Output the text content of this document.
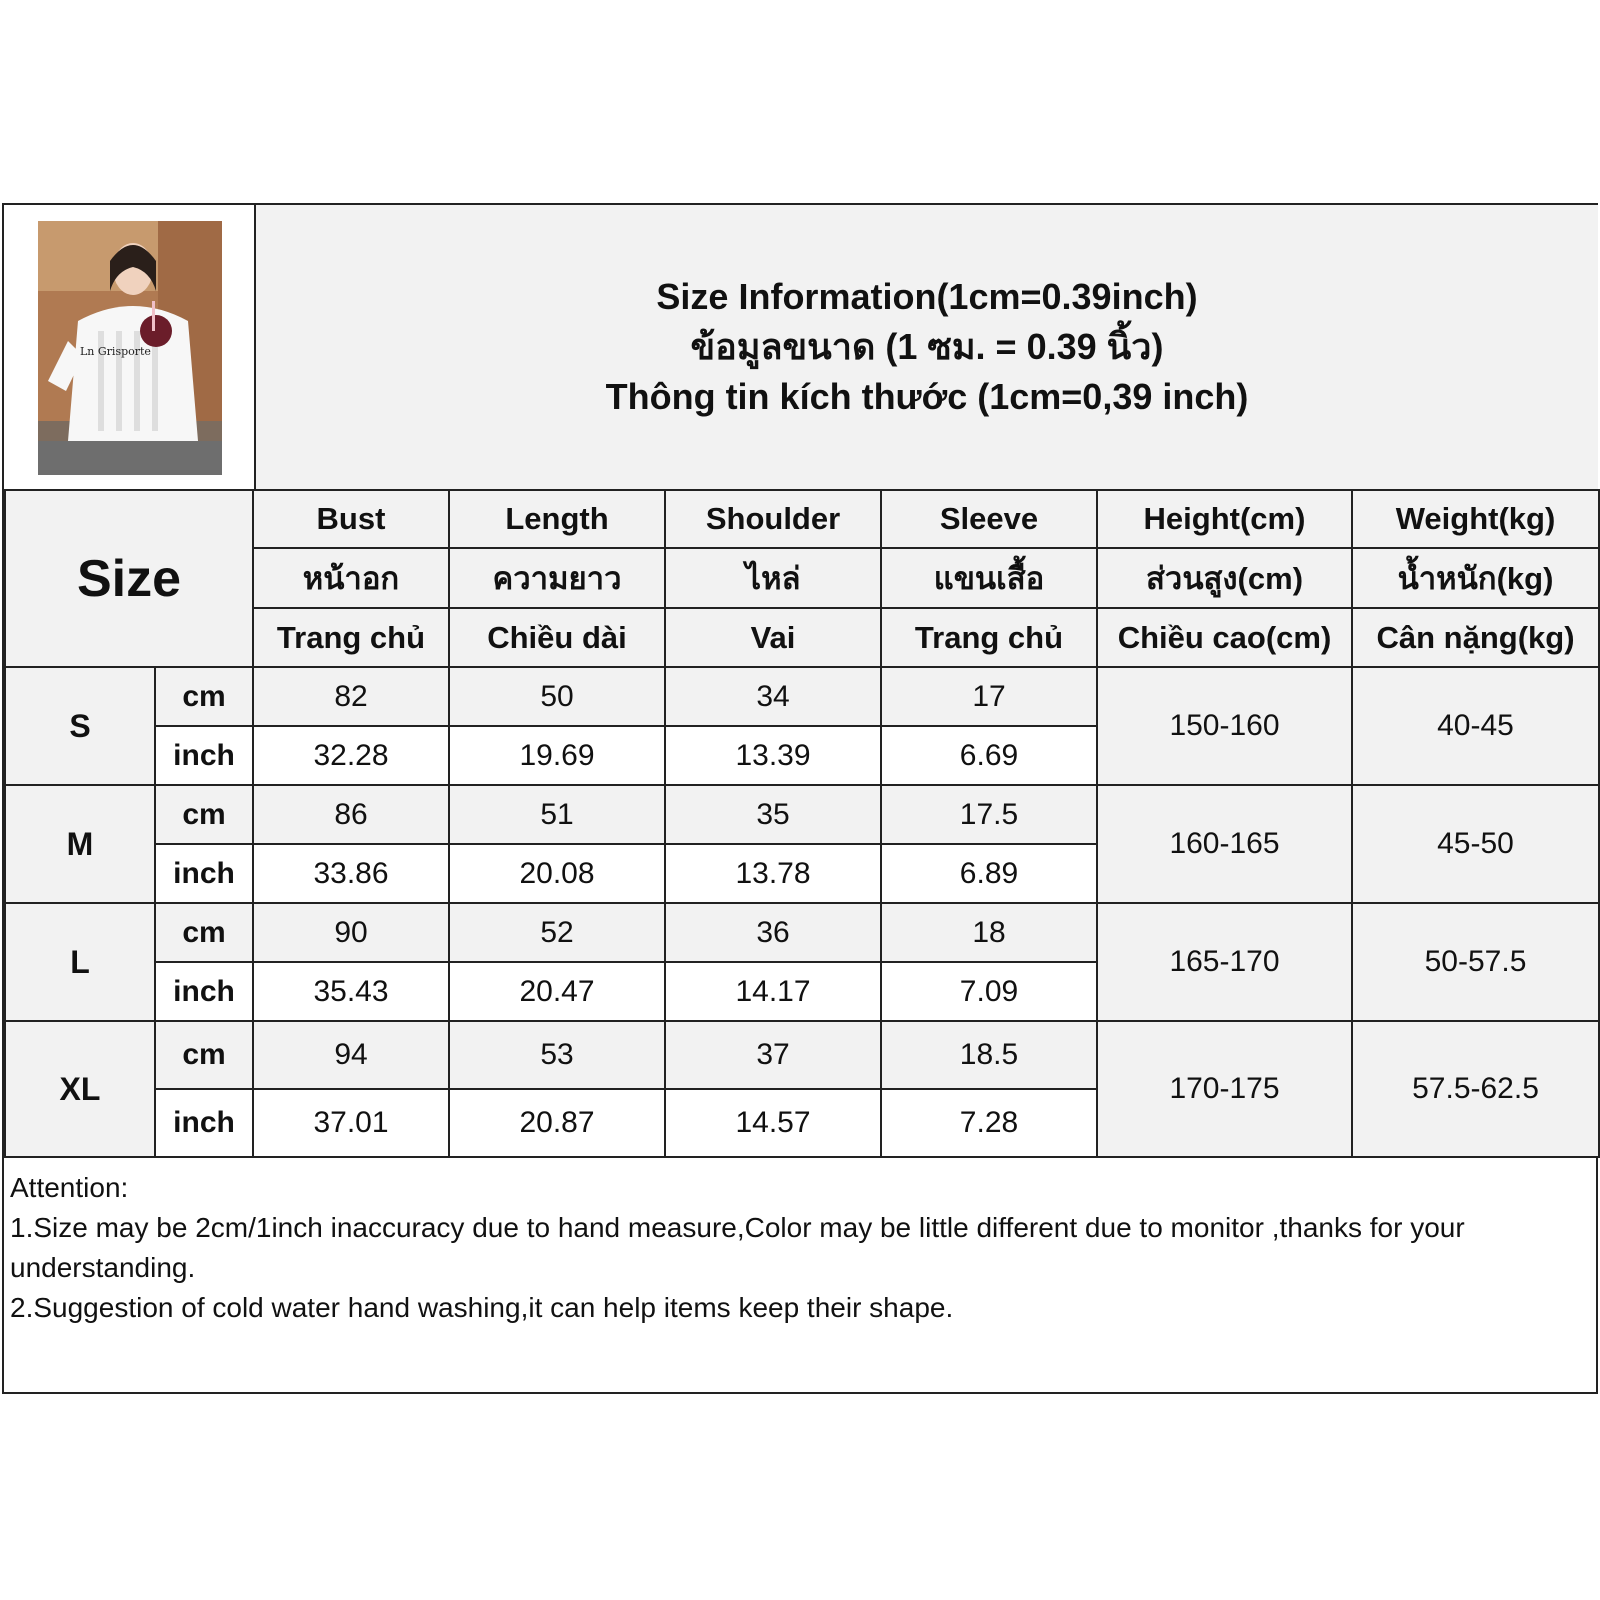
Ln Grisporte
Size Information(1cm=0.39inch)
ข้อมูลขนาด (1 ซม. = 0.39 นิ้ว)
Thông tin kích thước (1cm=0,39 inch)
Size		Bust	Length	Shoulder	Sleeve	Height(cm)	Weight(kg)
		หน้าอก	ความยาว	ไหล่	แขนเสื้อ	ส่วนสูง(cm)	น้ำหนัก(kg)
		Trang chủ	Chiều dài	Vai	Trang chủ	Chiều cao(cm)	Cân nặng(kg)
S	cm	82	50	34	17	150-160	40-45
	inch	32.28	19.69	13.39	6.69		
M	cm	86	51	35	17.5	160-165	45-50
	inch	33.86	20.08	13.78	6.89		
L	cm	90	52	36	18	165-170	50-57.5
	inch	35.43	20.47	14.17	7.09		
XL	cm	94	53	37	18.5	170-175	57.5-62.5
	inch	37.01	20.87	14.57	7.28		
Attention:
1.Size may be 2cm/1inch inaccuracy due to hand measure,Color may be little different due to monitor ,thanks for your understanding.
2.Suggestion of cold water hand washing,it can help items keep their shape.
